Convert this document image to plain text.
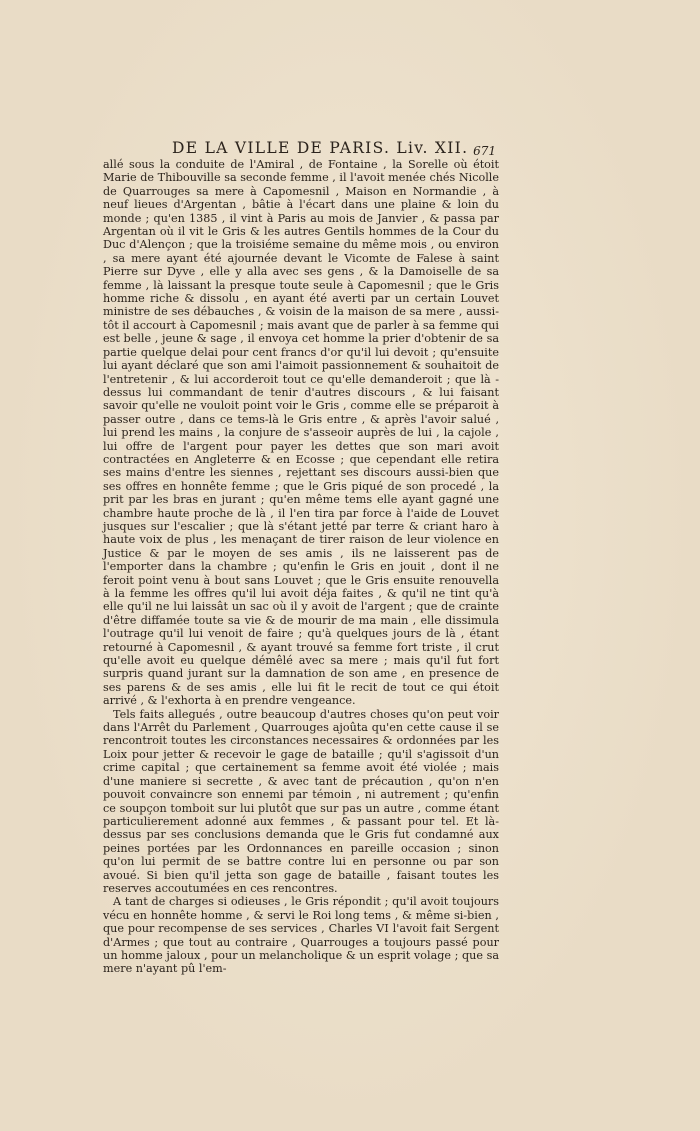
DE LA VILLE DE PARIS. Liv. XII. 671

allé sous la conduite de l'Amiral , de Fontaine , la Sorelle où étoit Marie de Thibouville sa seconde femme , il l'avoit menée chés Nicolle de Quarrouges sa mere à Capomesnil , Maison en Normandie , à neuf lieues d'Argentan , bâtie à l'écart dans une plaine & loin du monde ; qu'en 1385 , il vint à Paris au mois de Janvier , & passa par Argentan où il vit le Gris & les autres Gentils hommes de la Cour du Duc d'Alençon ; que la troisiéme semaine du même mois , ou environ , sa mere ayant été ajournée devant le Vicomte de Falese à saint Pierre sur Dyve , elle y alla avec ses gens , & la Damoiselle de sa femme , là laissant la presque toute seule à Capomesnil ; que le Gris homme riche & dissolu , en ayant été averti par un certain Louvet ministre de ses débauches , & voisin de la maison de sa mere , aussi-tôt il accourt à Capomesnil ; mais avant que de parler à sa femme qui est belle , jeune & sage , il envoya cet homme la prier d'obtenir de sa partie quelque delai pour cent francs d'or qu'il lui devoit ; qu'ensuite lui ayant déclaré que son ami l'aimoit passionnement & souhaitoit de l'entretenir , & lui accorderoit tout ce qu'elle demanderoit ; que là - dessus lui commandant de tenir d'autres discours , & lui faisant savoir qu'elle ne vouloit point voir le Gris , comme elle se préparoit à passer outre , dans ce tems-là le Gris entre , & après l'avoir salué , lui prend les mains , la conjure de s'asseoir auprès de lui , la cajole , lui offre de l'argent pour payer les dettes que son mari avoit contractées en Angleterre & en Ecosse ; que cependant elle retira ses mains d'entre les siennes , rejettant ses discours aussi-bien que ses offres en honnête femme ; que le Gris piqué de son procedé , la prit par les bras en jurant ; qu'en même tems elle ayant gagné une chambre haute proche de là , il l'en tira par force à l'aide de Louvet jusques sur l'escalier ; que là s'étant jetté par terre & criant haro à haute voix de plus , les menaçant de tirer raison de leur violence en Justice & par le moyen de ses amis , ils ne laisserent pas de l'emporter dans la chambre ; qu'enfin le Gris en jouit , dont il ne feroit point venu à bout sans Louvet ; que le Gris ensuite renouvella à la femme les offres qu'il lui avoit déja faites , & qu'il ne tint qu'à elle qu'il ne lui laissât un sac où il y avoit de l'argent ; que de crainte d'être diffamée toute sa vie & de mourir de ma main , elle dissimula l'outrage qu'il lui venoit de faire ; qu'à quelques jours de là , étant retourné à Capomesnil , & ayant trouvé sa femme fort triste , il crut qu'elle avoit eu quelque démêlé avec sa mere ; mais qu'il fut fort surpris quand jurant sur la damnation de son ame , en presence de ses parens & de ses amis , elle lui fit le recit de tout ce qui étoit arrivé , & l'exhorta à en prendre vengeance.

Tels faits allegués , outre beaucoup d'autres choses qu'on peut voir dans l'Arrêt du Parlement , Quarrouges ajoûta qu'en cette cause il se rencontroit toutes les circonstances necessaires & ordonnées par les Loix pour jetter & recevoir le gage de bataille ; qu'il s'agissoit d'un crime capital ; que certainement sa femme avoit été violée ; mais d'une maniere si secrette , & avec tant de précaution , qu'on n'en pouvoit convaincre son ennemi par témoin , ni autrement ; qu'enfin ce soupçon tomboit sur lui plutôt que sur pas un autre , comme étant particulierement adonné aux femmes , & passant pour tel. Et là-dessus par ses conclusions demanda que le Gris fut condamné aux peines portées par les Ordonnances en pareille occasion ; sinon qu'on lui permit de se battre contre lui en personne ou par son avoué. Si bien qu'il jetta son gage de bataille , faisant toutes les reserves accoutumées en ces rencontres.

A tant de charges si odieuses , le Gris répondit ; qu'il avoit toujours vécu en honnête homme , & servi le Roi long tems , & même si-bien , que pour recompense de ses services , Charles VI l'avoit fait Sergent d'Armes ; que tout au contraire , Quarrouges a toujours passé pour un homme jaloux , pour un melancholique & un esprit volage ; que sa mere n'ayant pû l'em-
